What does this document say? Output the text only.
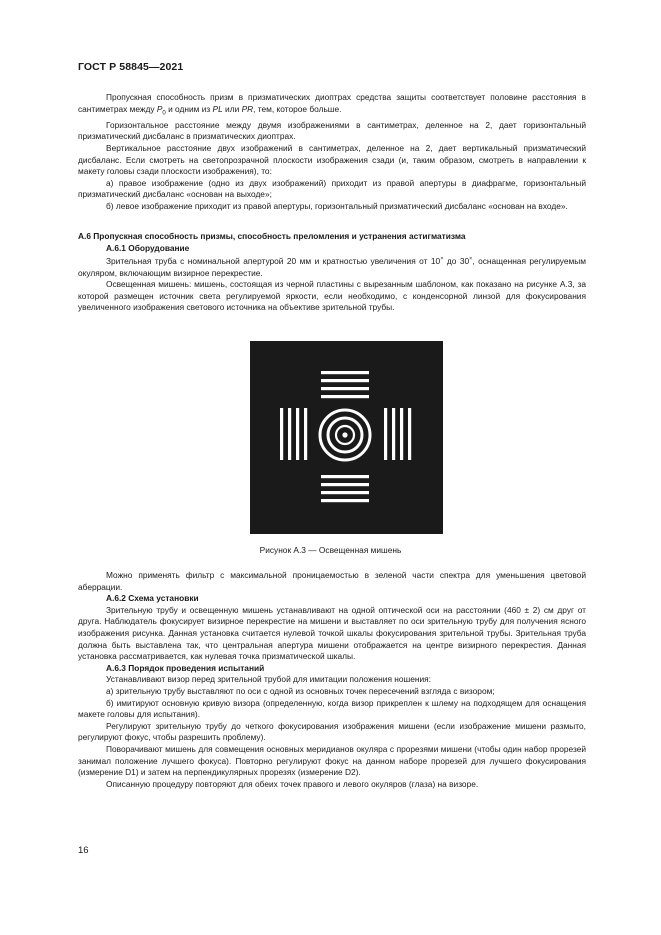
ГОСТ Р 58845—2021

Пропускная способность призм в призматических диоптрах средства защиты соответствует половине расстояния в сантиметрах между $P_0$ и одним из PL или PR, тем, которое больше.

Горизонтальное расстояние между двумя изображениями в сантиметрах, деленное на 2, дает горизонтальный призматический дисбаланс в призматических диоптрах.

Вертикальное расстояние двух изображений в сантиметрах, деленное на 2, дает вертикальный призматический дисбаланс. Если смотреть на светопрозрачной плоскости изображения сзади (и, таким образом, смотреть в направлении к макету головы сзади плоскости изображения), то:

а) правое изображение (одно из двух изображений) приходит из правой апертуры в диафрагме, горизонтальный призматический дисбаланс «основан на выходе»;

б) левое изображение приходит из правой апертуры, горизонтальный призматический дисбаланс «основан на входе».

А.6 Пропускная способность призмы, способность преломления и устранения астигматизма

А.6.1 Оборудование

Зрительная труба с номинальной апертурой 20 мм и кратностью увеличения от 10× до 30×, оснащенная регулируемым окуляром, включающим визирное перекрестие.

Освещенная мишень: мишень, состоящая из черной пластины с вырезанным шаблоном, как показано на рисунке А.3, за которой размещен источник света регулируемой яркости, если необходимо, с конденсорной линзой для фокусирования увеличенного изображения светового источника на объективе зрительной трубы.

Рисунок А.3 — Освещенная мишень

Можно применять фильтр с максимальной проницаемостью в зеленой части спектра для уменьшения цветовой аберрации.

А.6.2 Схема установки

Зрительную трубу и освещенную мишень устанавливают на одной оптической оси на расстоянии (460 ± 2) см друг от друга. Наблюдатель фокусирует визирное перекрестие на мишени и выставляет по оси зрительную трубу для получения ясного изображения рисунка. Данная установка считается нулевой точкой шкалы фокусирования зрительной трубы. Зрительная труба должна быть выставлена так, что центральная апертура мишени отображается на центре визирного перекрестия. Данная установка рассматривается, как нулевая точка призматической шкалы.

А.6.3 Порядок проведения испытаний

Устанавливают визор перед зрительной трубой для имитации положения ношения:

а) зрительную трубу выставляют по оси с одной из основных точек пересечений взгляда с визором;

б) имитируют основную кривую визора (определенную, когда визор прикреплен к шлему на подходящем для оснащения макете головы для испытания).

Регулируют зрительную трубу до четкого фокусирования изображения мишени (если изображение мишени размыто, регулируют фокус, чтобы разрешить проблему).

Поворачивают мишень для совмещения основных меридианов окуляра с прорезями мишени (чтобы один набор прорезей занимал положение лучшего фокуса). Повторно регулируют фокус на данном наборе прорезей для лучшего фокусирования (измерение D1) и затем на перпендикулярных прорезях (измерение D2).

Описанную процедуру повторяют для обеих точек правого и левого окуляров (глаза) на визоре.

16
